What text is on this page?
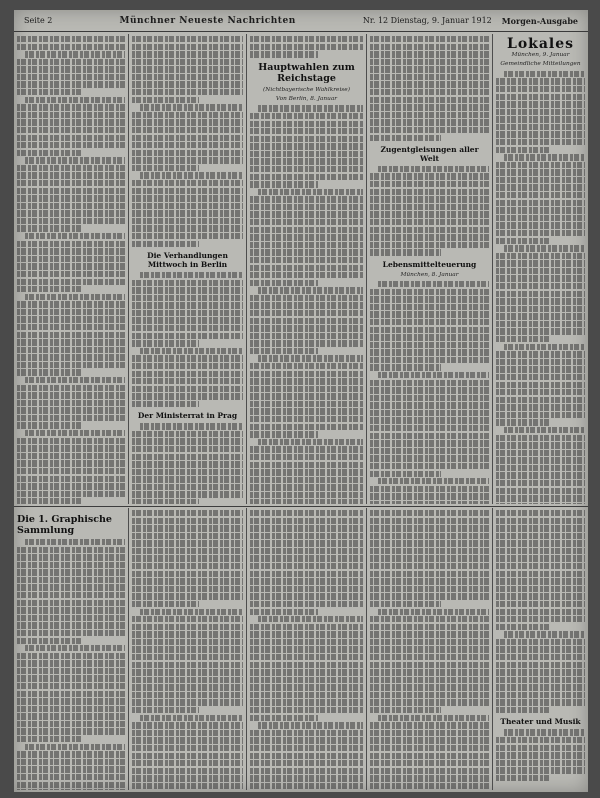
Seite 2	Münchner Neueste Nachrichten	Nr. 12 Dienstag, 9. Januar 1912 Morgen-Ausgabe
Die Verhandlungen Mittwoch in Berlin
Der Ministerrat in Prag
Hauptwahlen zum Reichstage
(Nichtbayerische Wahlkreise)
Von Berlin, 8. Januar
Zugentgleisungen aller Welt
Lebensmittelteuerung
München, 8. Januar
Lokales
München, 9. Januar
Gemeindliche Mitteilungen
Die 1. Graphische Sammlung
Theater und Musik
